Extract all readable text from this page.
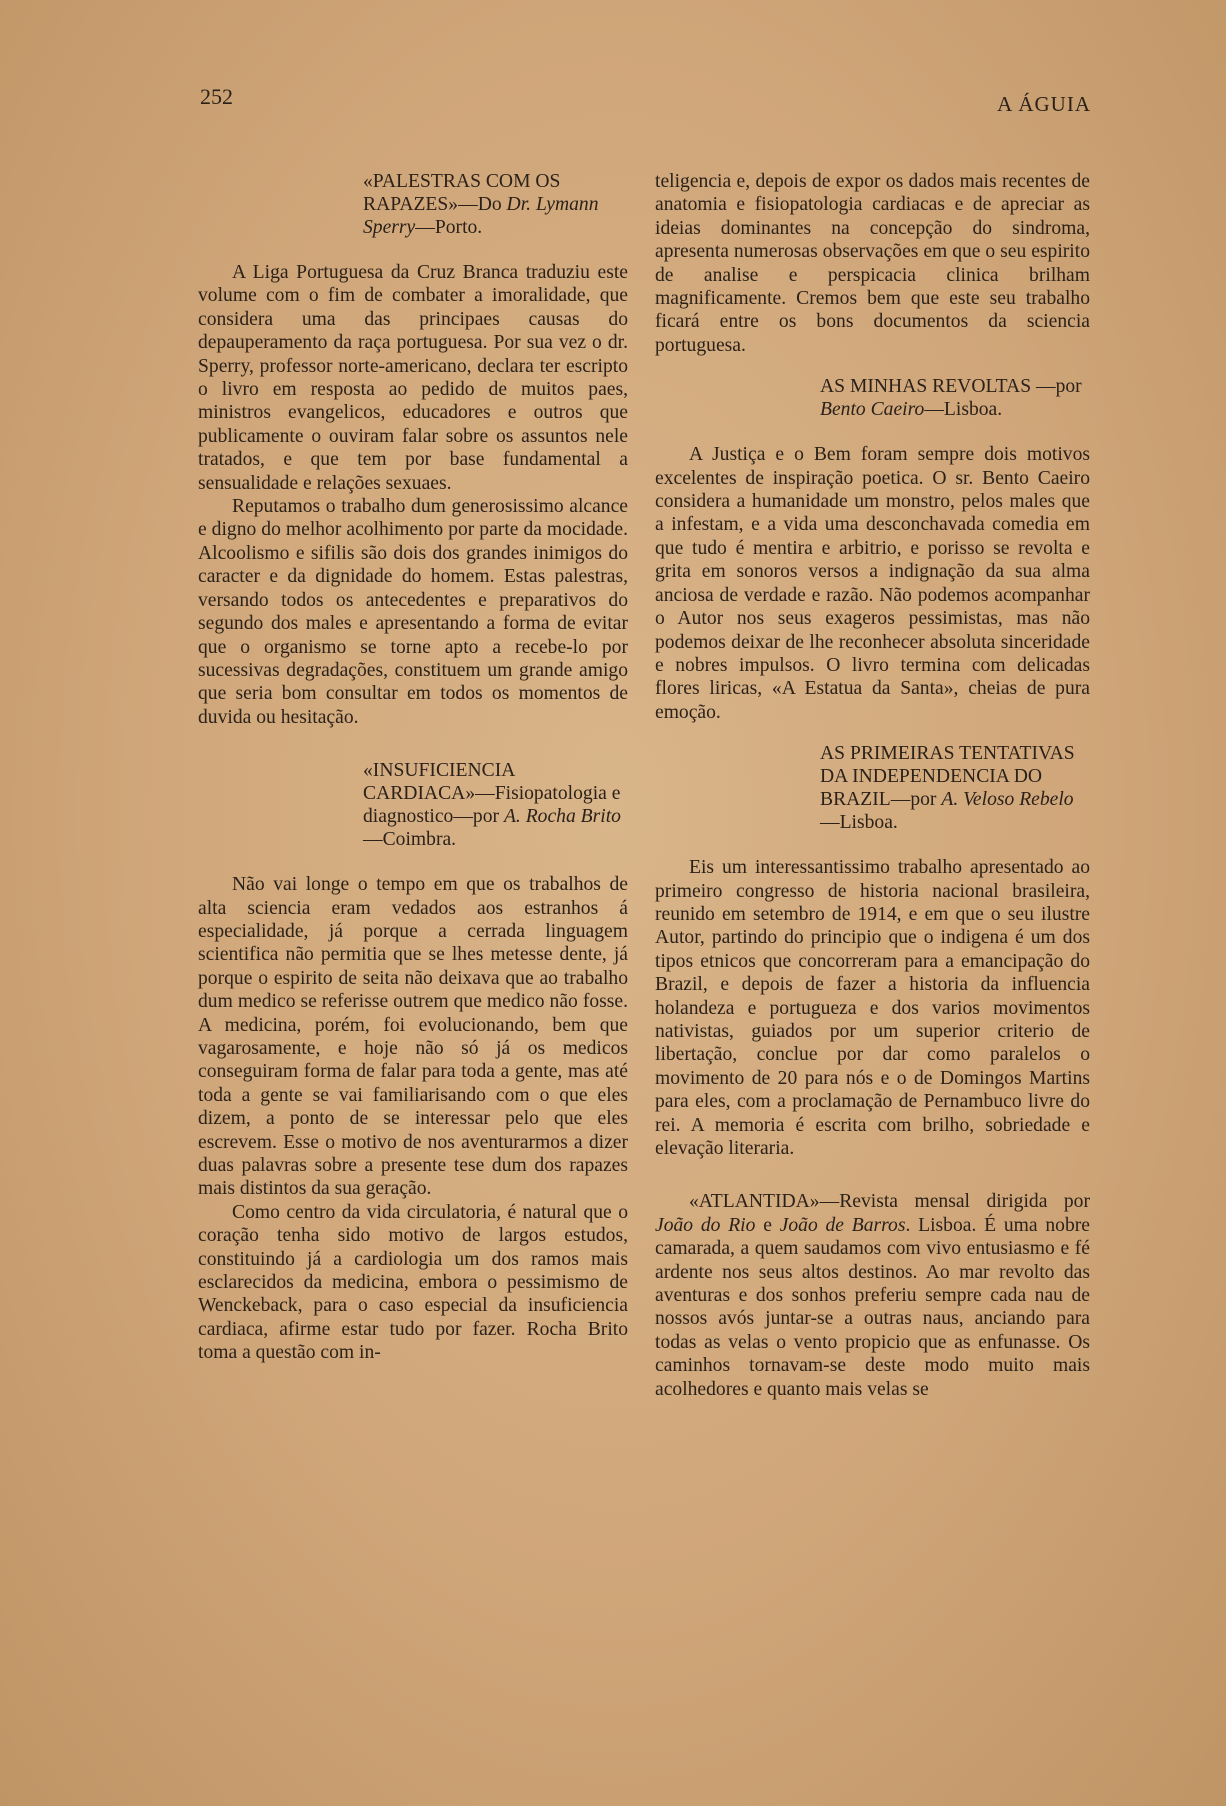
252	A ÁGUIA
«PALESTRAS COM OS RAPAZES»—Do Dr. Lymann Sperry—Porto.

A Liga Portuguesa da Cruz Branca traduziu este volume com o fim de combater a imoralidade, que considera uma das principaes causas do depauperamento da raça portuguesa. Por sua vez o dr. Sperry, professor norte-americano, declara ter escripto o livro em resposta ao pedido de muitos paes, ministros evangelicos, educadores e outros que publicamente o ouviram falar sobre os assuntos nele tratados, e que tem por base fundamental a sensualidade e relações sexuaes.

Reputamos o trabalho dum generosissimo alcance e digno do melhor acolhimento por parte da mocidade. Alcoolismo e sifilis são dois dos grandes inimigos do caracter e da dignidade do homem. Estas palestras, versando todos os antecedentes e preparativos do segundo dos males e apresentando a forma de evitar que o organismo se torne apto a recebe-lo por sucessivas degradações, constituem um grande amigo que seria bom consultar em todos os momentos de duvida ou hesitação.

«INSUFICIENCIA CARDIACA»—Fisiopatologia e diagnostico—por A. Rocha Brito—Coimbra.

Não vai longe o tempo em que os trabalhos de alta sciencia eram vedados aos estranhos á especialidade, já porque a cerrada linguagem scientifica não permitia que se lhes metesse dente, já porque o espirito de seita não deixava que ao trabalho dum medico se referisse outrem que medico não fosse. A medicina, porém, foi evolucionando, bem que vagarosamente, e hoje não só já os medicos conseguiram forma de falar para toda a gente, mas até toda a gente se vai familiarisando com o que eles dizem, a ponto de se interessar pelo que eles escrevem. Esse o motivo de nos aventurarmos a dizer duas palavras sobre a presente tese dum dos rapazes mais distintos da sua geração.

Como centro da vida circulatoria, é natural que o coração tenha sido motivo de largos estudos, constituindo já a cardiologia um dos ramos mais esclarecidos da medicina, embora o pessimismo de Wenckeback, para o caso especial da insuficiencia cardiaca, afirme estar tudo por fazer. Rocha Brito toma a questão com in-

teligencia e, depois de expor os dados mais recentes de anatomia e fisiopatologia cardiacas e de apreciar as ideias dominantes na concepção do sindroma, apresenta numerosas observações em que o seu espirito de analise e perspicacia clinica brilham magnificamente. Cremos bem que este seu trabalho ficará entre os bons documentos da sciencia portuguesa.

AS MINHAS REVOLTAS —por Bento Caeiro—Lisboa.

A Justiça e o Bem foram sempre dois motivos excelentes de inspiração poetica. O sr. Bento Caeiro considera a humanidade um monstro, pelos males que a infestam, e a vida uma desconchavada comedia em que tudo é mentira e arbitrio, e porisso se revolta e grita em sonoros versos a indignação da sua alma anciosa de verdade e razão. Não podemos acompanhar o Autor nos seus exageros pessimistas, mas não podemos deixar de lhe reconhecer absoluta sinceridade e nobres impulsos. O livro termina com delicadas flores liricas, «A Estatua da Santa», cheias de pura emoção.

AS PRIMEIRAS TENTATIVAS DA INDEPENDENCIA DO BRAZIL—por A. Veloso Rebelo—Lisboa.

Eis um interessantissimo trabalho apresentado ao primeiro congresso de historia nacional brasileira, reunido em setembro de 1914, e em que o seu ilustre Autor, partindo do principio que o indigena é um dos tipos etnicos que concorreram para a emancipação do Brazil, e depois de fazer a historia da influencia holandeza e portugueza e dos varios movimentos nativistas, guiados por um superior criterio de libertação, conclue por dar como paralelos o movimento de 20 para nós e o de Domingos Martins para eles, com a proclamação de Pernambuco livre do rei. A memoria é escrita com brilho, sobriedade e elevação literaria.

«ATLANTIDA»—Revista mensal dirigida por João do Rio e João de Barros. Lisboa. É uma nobre camarada, a quem saudamos com vivo entusiasmo e fé ardente nos seus altos destinos. Ao mar revolto das aventuras e dos sonhos preferiu sempre cada nau de nossos avós juntar-se a outras naus, anciando para todas as velas o vento propicio que as enfunasse. Os caminhos tornavam-se deste modo muito mais acolhedores e quanto mais velas se
